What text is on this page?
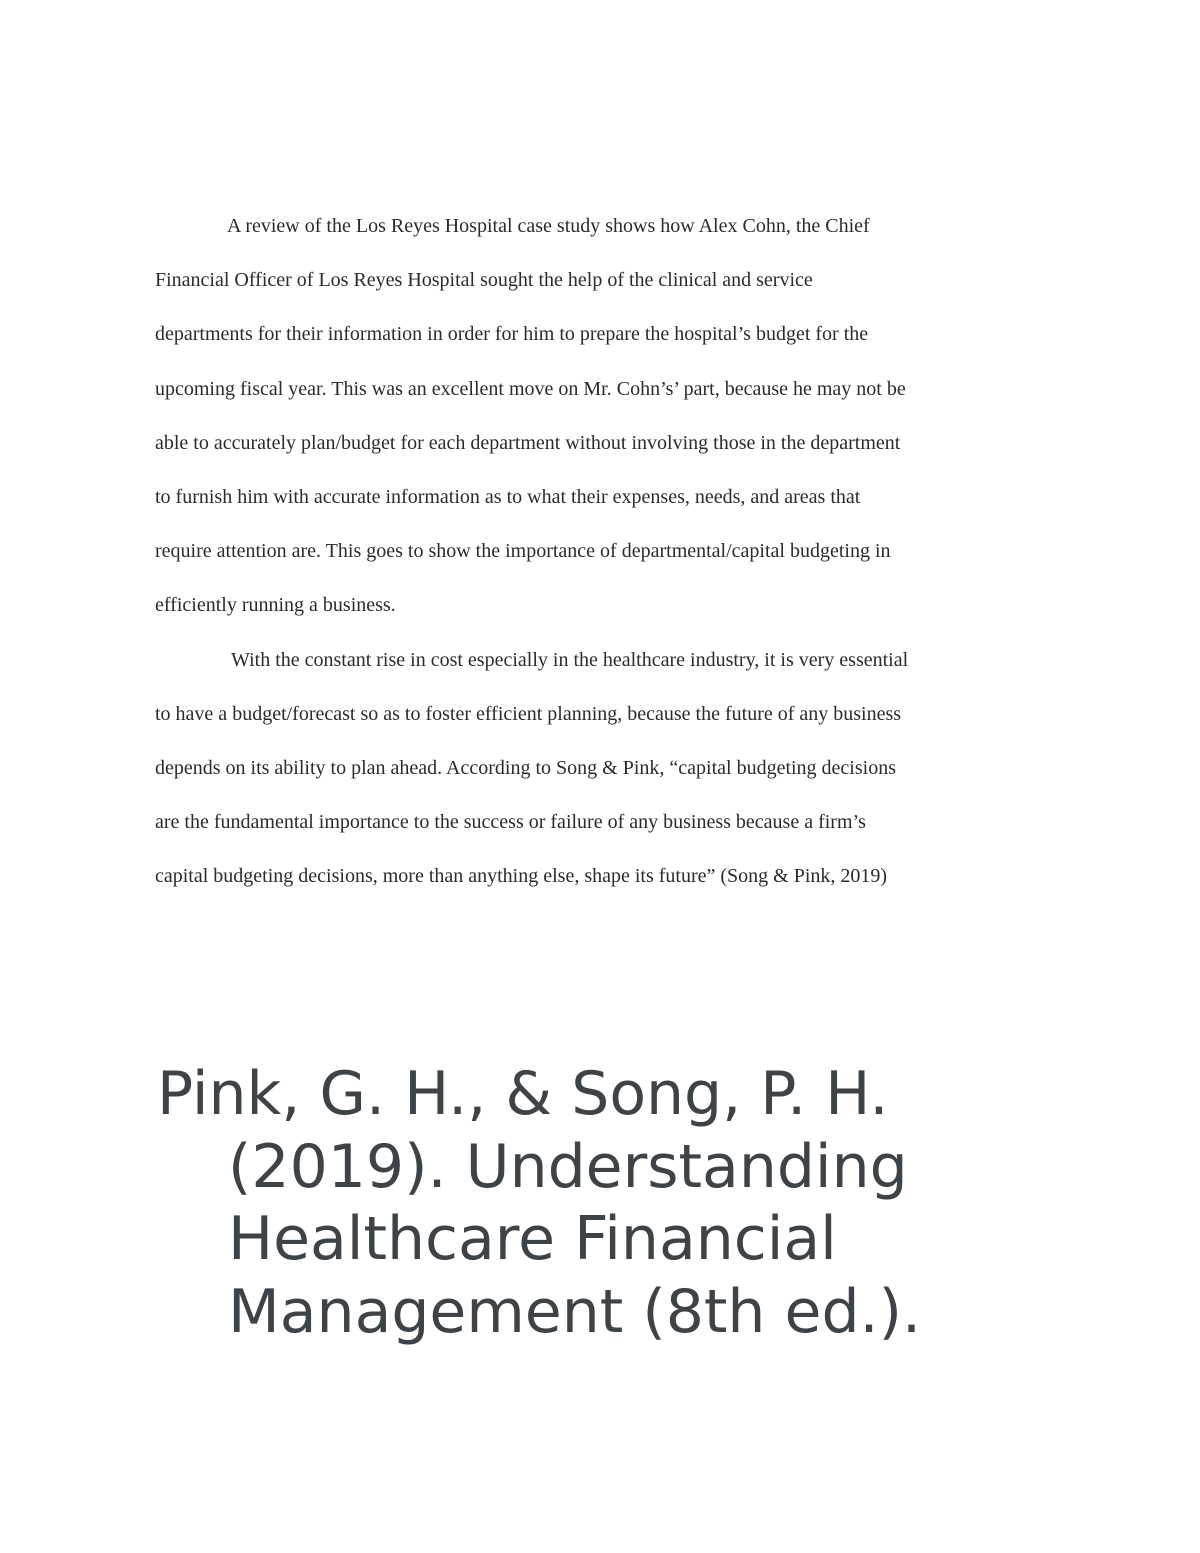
A review of the Los Reyes Hospital case study shows how Alex Cohn, the Chief
Financial Officer of Los Reyes Hospital sought the help of the clinical and service
departments for their information in order for him to prepare the hospital’s budget for the
upcoming fiscal year. This was an excellent move on Mr. Cohn’s’ part, because he may not be
able to accurately plan/budget for each department without involving those in the department
to furnish him with accurate information as to what their expenses, needs, and areas that
require attention are. This goes to show the importance of departmental/capital budgeting in
efficiently running a business.
With the constant rise in cost especially in the healthcare industry, it is very essential
to have a budget/forecast so as to foster efficient planning, because the future of any business
depends on its ability to plan ahead. According to Song & Pink, “capital budgeting decisions
are the fundamental importance to the success or failure of any business because a firm’s
capital budgeting decisions, more than anything else, shape its future” (Song & Pink, 2019)
Pink, G. H., & Song, P. H.
(2019). Understanding
Healthcare Financial
Management (8th ed.).
